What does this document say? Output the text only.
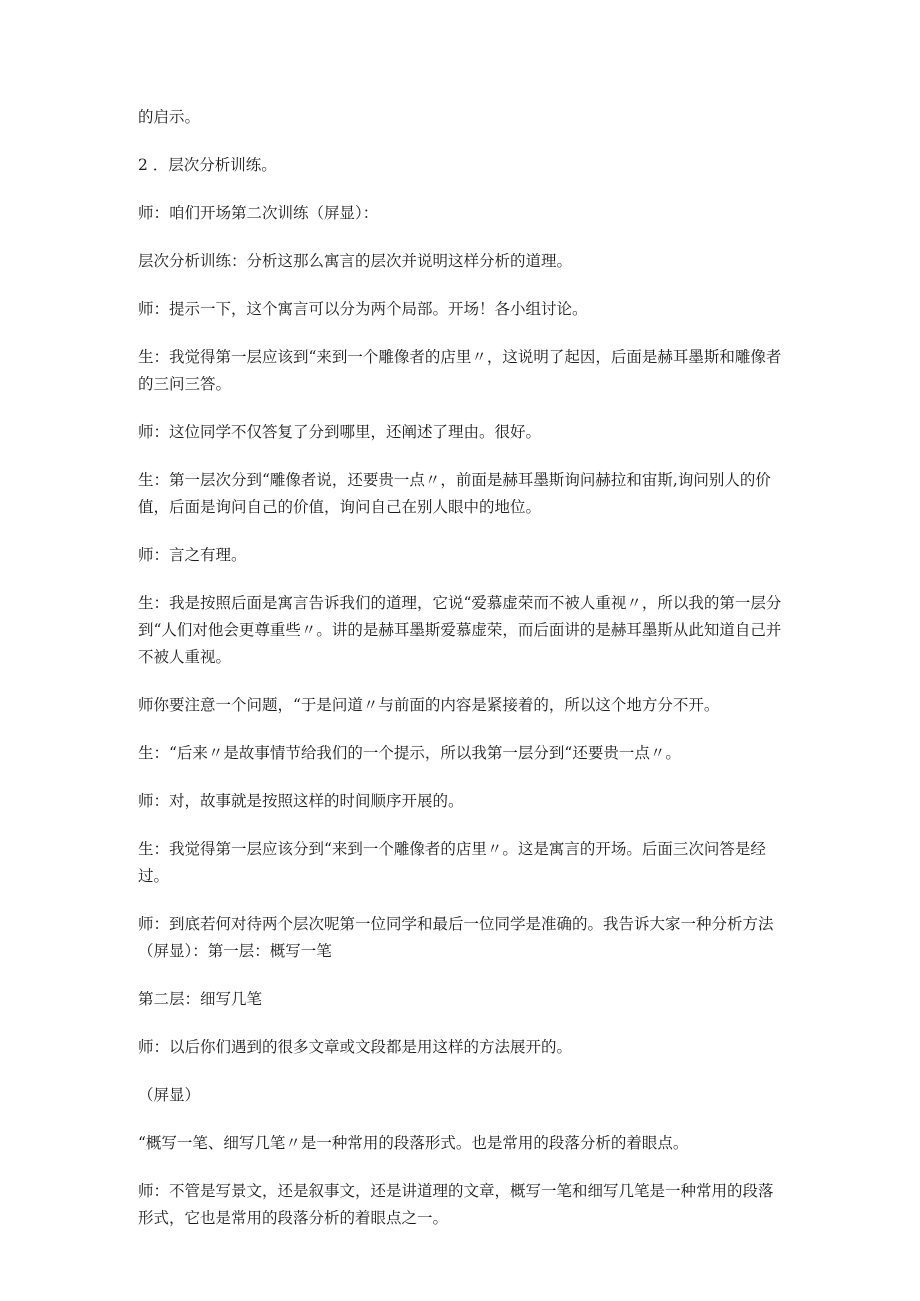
的启示。

2 ．层次分析训练。

师：咱们开场第二次训练（屏显）：

层次分析训练：分析这那么寓言的层次并说明这样分析的道理。

师：提示一下，这个寓言可以分为两个局部。开场！各小组讨论。

生：我觉得第一层应该到“来到一个雕像者的店里〃，这说明了起因，后面是赫耳墨斯和雕像者的三问三答。

师：这位同学不仅答复了分到哪里，还阐述了理由。很好。

生：第一层次分到“雕像者说，还要贵一点〃，前面是赫耳墨斯询问赫拉和宙斯,询问别人的价值，后面是询问自己的价值，询问自己在别人眼中的地位。

师：言之有理。

生：我是按照后面是寓言告诉我们的道理，它说“爱慕虚荣而不被人重视〃，所以我的第一层分到“人们对他会更尊重些〃。讲的是赫耳墨斯爱慕虚荣，而后面讲的是赫耳墨斯从此知道自己并不被人重视。

师你要注意一个问题，“于是问道〃与前面的内容是紧接着的，所以这个地方分不开。

生：“后来〃是故事情节给我们的一个提示，所以我第一层分到“还要贵一点〃。

师：对，故事就是按照这样的时间顺序开展的。

生：我觉得第一层应该分到“来到一个雕像者的店里〃。这是寓言的开场。后面三次问答是经过。

师：到底若何对待两个层次呢第一位同学和最后一位同学是准确的。我告诉大家一种分析方法（屏显）：第一层：概写一笔

第二层：细写几笔

师：以后你们遇到的很多文章或文段都是用这样的方法展开的。

（屏显）

“概写一笔、细写几笔〃是一种常用的段落形式。也是常用的段落分析的着眼点。

师：不管是写景文，还是叙事文，还是讲道理的文章，概写一笔和细写几笔是一种常用的段落形式，它也是常用的段落分析的着眼点之一。
